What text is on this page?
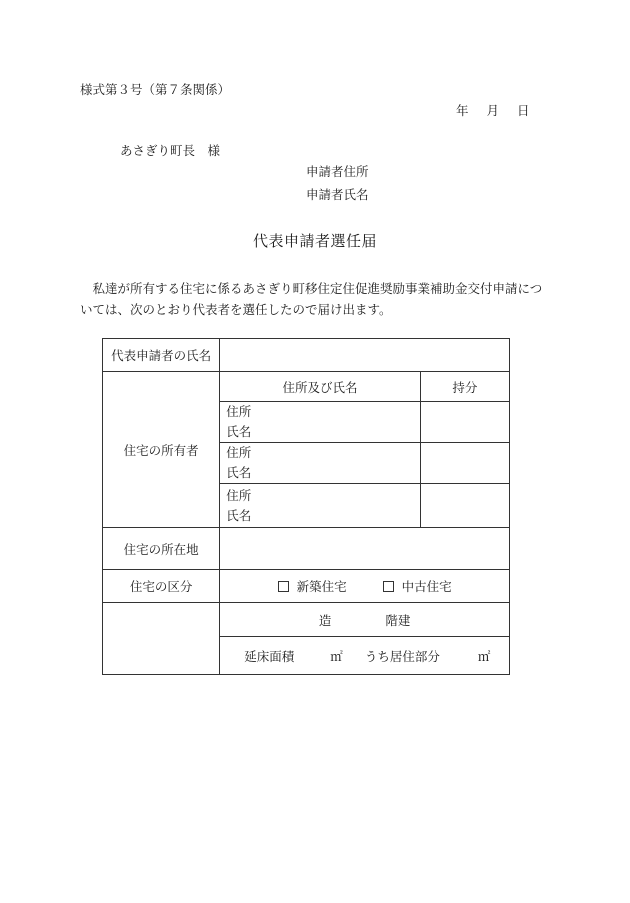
様式第３号（第７条関係）
年 月 日
あさぎり町長　様
申請者住所
申請者氏名
代表申請者選任届

私達が所有する住宅に係るあさぎり町移住定住促進奨励事業補助金交付申請については、次のとおり代表者を選任したので届け出ます。

代表申請者の氏名		
住宅の所有者	住所及び氏名	持分

	住所
氏名	

	住所
氏名	

	住所
氏名	

住宅の所在地		
住宅の区分	新築住宅 中古住宅	
	造 階建	
	延床面積 ㎡ うち居住部分 ㎡	
